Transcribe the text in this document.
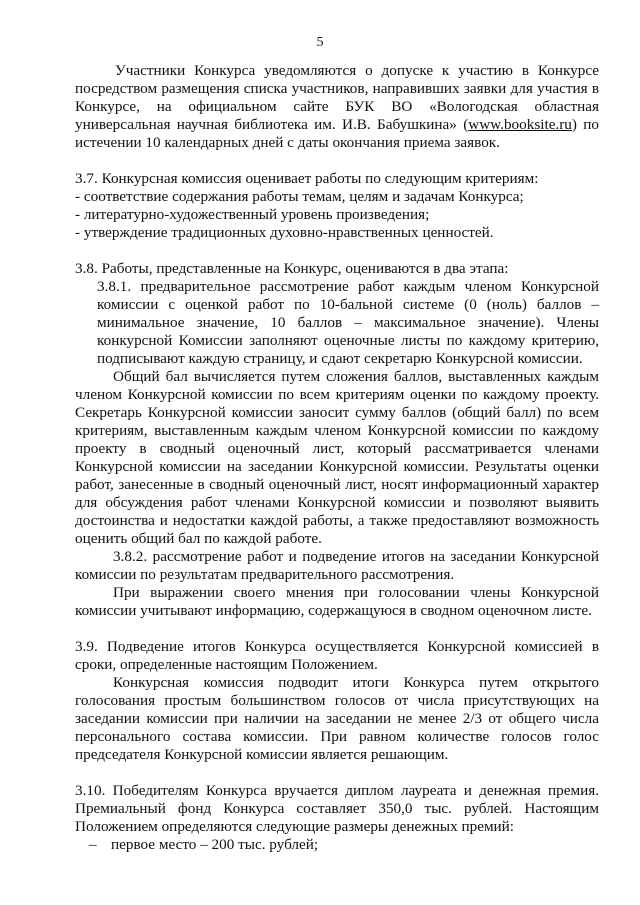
5

Участники Конкурса уведомляются о допуске к участию в Конкурсе посредством размещения списка участников, направивших заявки для участия в Конкурсе, на официальном сайте БУК ВО «Вологодская областная универсальная научная библиотека им. И.В. Бабушкина» (www.booksite.ru) по истечении 10 календарных дней с даты окончания приема заявок.

3.7. Конкурсная комиссия оценивает работы по следующим критериям:

- соответствие содержания работы темам, целям и задачам Конкурса;

- литературно-художественный уровень произведения;

- утверждение традиционных духовно-нравственных ценностей.

3.8. Работы, представленные на Конкурс, оцениваются в два этапа:

3.8.1. предварительное рассмотрение работ каждым членом Конкурсной комиссии с оценкой работ по 10-бальной системе (0 (ноль) баллов – минимальное значение, 10 баллов – максимальное значение). Члены конкурсной Комиссии заполняют оценочные листы по каждому критерию, подписывают каждую страницу, и сдают секретарю Конкурсной комиссии.

Общий бал вычисляется путем сложения баллов, выставленных каждым членом Конкурсной комиссии по всем критериям оценки по каждому проекту. Секретарь Конкурсной комиссии заносит сумму баллов (общий балл) по всем критериям, выставленным каждым членом Конкурсной комиссии по каждому проекту в сводный оценочный лист, который рассматривается членами Конкурсной комиссии на заседании Конкурсной комиссии. Результаты оценки работ, занесенные в сводный оценочный лист, носят информационный характер для обсуждения работ членами Конкурсной комиссии и позволяют выявить достоинства и недостатки каждой работы, а также предоставляют возможность оценить общий бал по каждой работе.

3.8.2. рассмотрение работ и подведение итогов на заседании Конкурсной комиссии по результатам предварительного рассмотрения.

При выражении своего мнения при голосовании члены Конкурсной комиссии учитывают информацию, содержащуюся в сводном оценочном листе.

3.9. Подведение итогов Конкурса осуществляется Конкурсной комиссией в сроки, определенные настоящим Положением.

Конкурсная комиссия подводит итоги Конкурса путем открытого голосования простым большинством голосов от числа присутствующих на заседании комиссии при наличии на заседании не менее 2/3 от общего числа персонального состава комиссии. При равном количестве голосов голос председателя Конкурсной комиссии является решающим.

3.10. Победителям Конкурса вручается диплом лауреата и денежная премия. Премиальный фонд Конкурса составляет 350,0 тыс. рублей. Настоящим Положением определяются следующие размеры денежных премий:

– первое место – 200 тыс. рублей;
